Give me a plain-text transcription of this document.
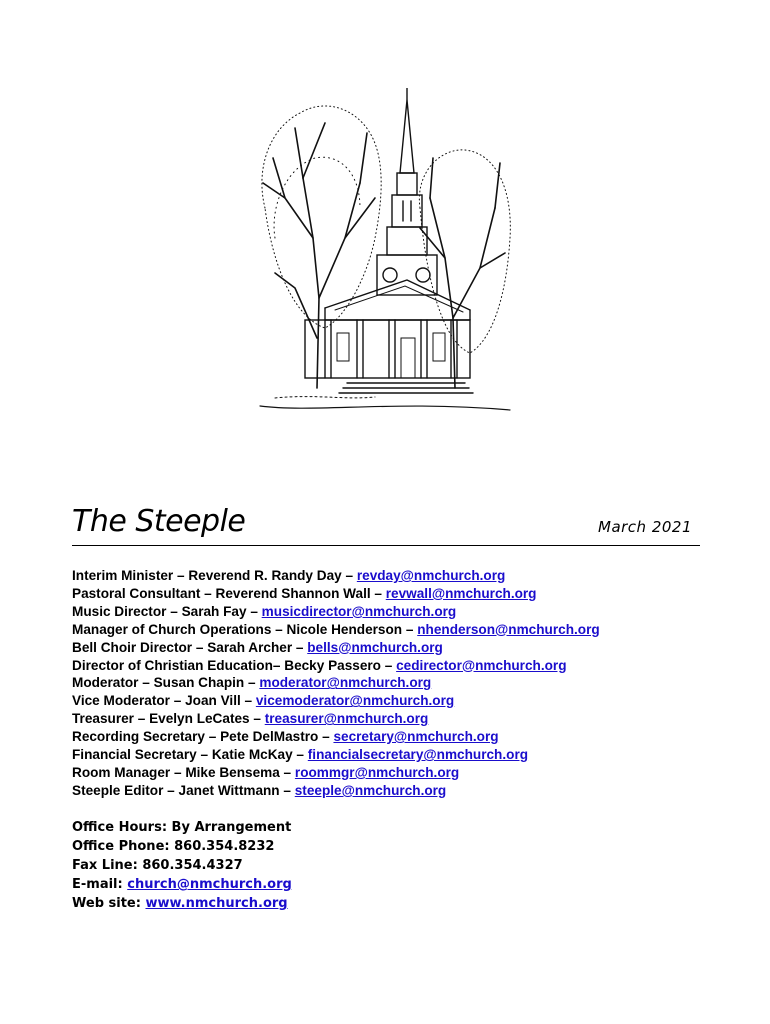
The Steeple	March 2021
Interim Minister – Reverend R. Randy Day – revday@nmchurch.org
Pastoral Consultant – Reverend Shannon Wall – revwall@nmchurch.org
Music Director – Sarah Fay – musicdirector@nmchurch.org
Manager of Church Operations – Nicole Henderson – nhenderson@nmchurch.org
Bell Choir Director – Sarah Archer – bells@nmchurch.org
Director of Christian Education– Becky Passero – cedirector@nmchurch.org
Moderator – Susan Chapin – moderator@nmchurch.org
Vice Moderator – Joan Vill – vicemoderator@nmchurch.org
Treasurer – Evelyn LeCates – treasurer@nmchurch.org
Recording Secretary – Pete DelMastro – secretary@nmchurch.org
Financial Secretary – Katie McKay – financialsecretary@nmchurch.org
Room Manager – Mike Bensema – roommgr@nmchurch.org
Steeple Editor – Janet Wittmann – steeple@nmchurch.org
Office Hours: By Arrangement
Office Phone: 860.354.8232
Fax Line: 860.354.4327
E-mail: church@nmchurch.org
Web site: www.nmchurch.org
